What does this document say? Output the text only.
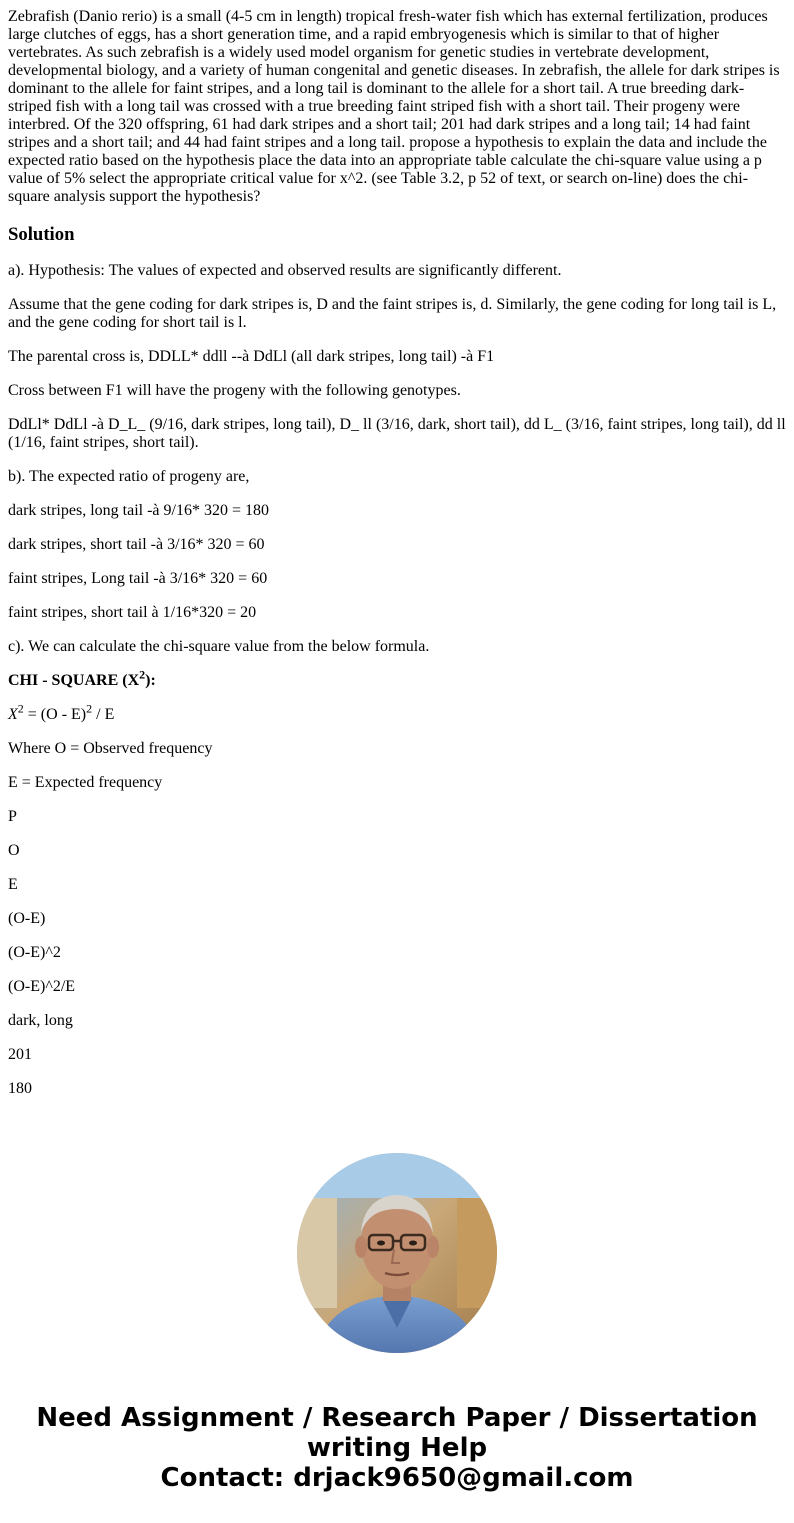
Zebrafish (Danio rerio) is a small (4-5 cm in length) tropical fresh-water fish which has external fertilization, produces large clutches of eggs, has a short generation time, and a rapid embryogenesis which is similar to that of higher vertebrates. As such zebrafish is a widely used model organism for genetic studies in vertebrate development, developmental biology, and a variety of human congenital and genetic diseases. In zebrafish, the allele for dark stripes is dominant to the allele for faint stripes, and a long tail is dominant to the allele for a short tail. A true breeding dark-striped fish with a long tail was crossed with a true breeding faint striped fish with a short tail. Their progeny were interbred. Of the 320 offspring, 61 had dark stripes and a short tail; 201 had dark stripes and a long tail; 14 had faint stripes and a short tail; and 44 had faint stripes and a long tail. propose a hypothesis to explain the data and include the expected ratio based on the hypothesis place the data into an appropriate table calculate the chi-square value using a p value of 5% select the appropriate critical value for x^2. (see Table 3.2, p 52 of text, or search on-line) does the chi-square analysis support the hypothesis?

Solution

a). Hypothesis: The values of expected and observed results are significantly different.

Assume that the gene coding for dark stripes is, D and the faint stripes is, d. Similarly, the gene coding for long tail is L, and the gene coding for short tail is l.

The parental cross is, DDLL* ddll --à DdLl (all dark stripes, long tail) -à F1

Cross between F1 will have the progeny with the following genotypes.

DdLl* DdLl -à D_L_ (9/16, dark stripes, long tail), D_ ll (3/16, dark, short tail), dd L_ (3/16, faint stripes, long tail), dd ll (1/16, faint stripes, short tail).

b). The expected ratio of progeny are,

dark stripes, long tail -à 9/16* 320 = 180

dark stripes, short tail -à 3/16* 320 = 60

faint stripes, Long tail -à 3/16* 320 = 60

faint stripes, short tail à 1/16*320 = 20

c). We can calculate the chi-square value from the below formula.

CHI - SQUARE $(X^2)$:

$X^2 = (O - E)^2 / E$

Where O = Observed frequency

E = Expected frequency

P

O

E

(O-E)

(O-E)^2

(O-E)^2/E

dark, long

201

180

Need Assignment / Research Paper / Dissertation
writing Help
Contact: drjack9650@gmail.com
